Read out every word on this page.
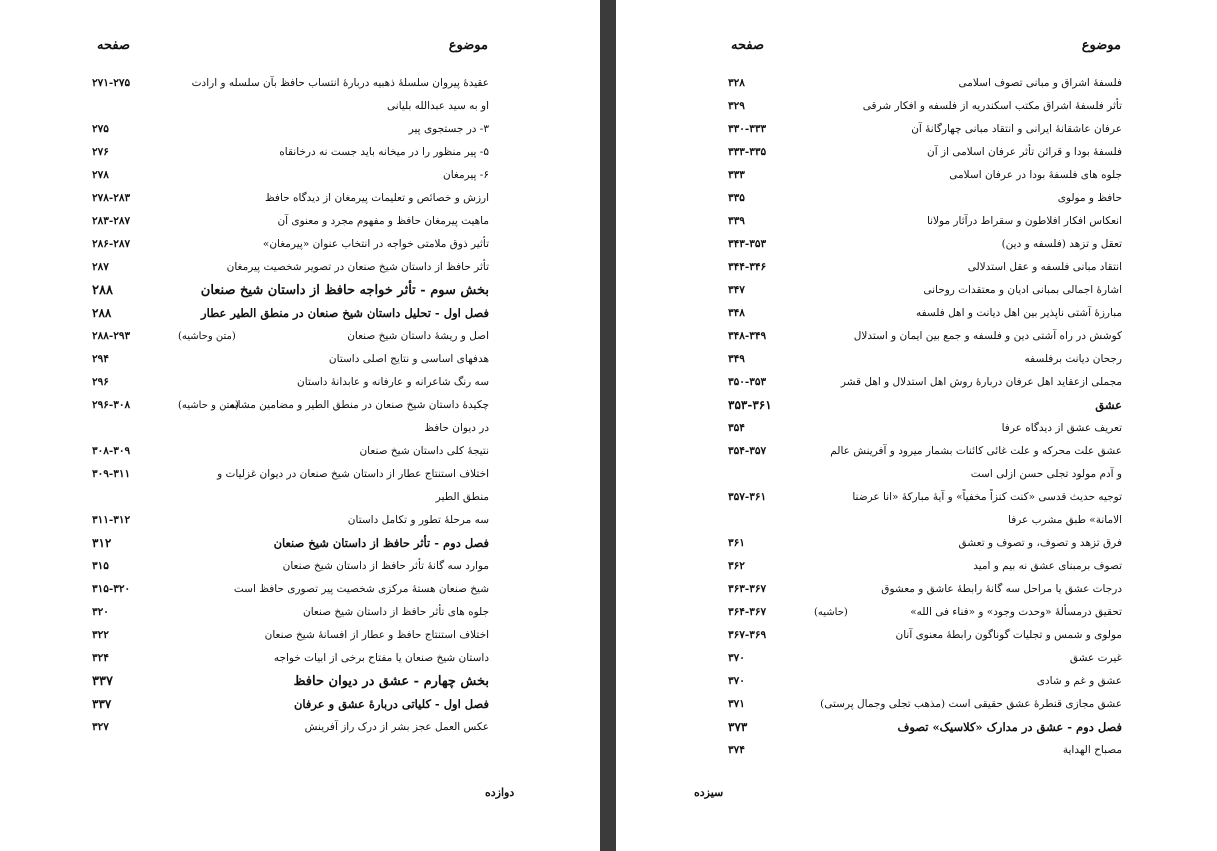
موضوع
صفحه
عقیدهٔ پیروان سلسلهٔ ذهبیه دربارهٔ انتساب حافظ بآن سلسله و ارادت او به سید عبدالله بلیانی
۲۷۱-۲۷۵
۳- در جستجوی پیر
۲۷۵
۵- پیر منظور را در میخانه باید جست نه درخانقاه
۲۷۶
۶- پیرمغان
۲۷۸
ارزش و خصائص و تعلیمات پیرمغان از دیدگاه حافظ
۲۷۸-۲۸۳
ماهیت پیرمغان حافظ و مفهوم مجرد و معنوی آن
۲۸۳-۲۸۷
تأثیر ذوق ملامتی خواجه در انتخاب عنوان «پیرمغان»
۲۸۶-۲۸۷
تأثر حافظ از داستان شیخ صنعان در تصویر شخصیت پیرمغان
۲۸۷
بخش سوم - تأثر خواجه حافظ از داستان شیخ صنعان
۲۸۸
فصل اول - تحلیل داستان شیخ صنعان در منطق الطیر عطار
۲۸۸
اصل و ریشهٔ داستان شیخ صنعان
۲۸۸-۲۹۳	(متن وحاشیه)
هدفهای اساسی و نتایج اصلی داستان
۲۹۴
سه رنگ شاعرانه و عارفانه و عابدانهٔ داستان
۲۹۶
چکیدهٔ داستان شیخ صنعان در منطق الطیر و مضامین مشابه در دیوان حافظ
۲۹۶-۳۰۸	(متن و حاشیه)
نتیجهٔ کلی داستان شیخ صنعان
۳۰۸-۳۰۹
اختلاف استنتاج عطار از داستان شیخ صنعان در دیوان غزلیات و منطق الطیر
۳۰۹-۳۱۱
سه مرحلهٔ تطور و تکامل داستان
۳۱۱-۳۱۲
فصل دوم - تأثر حافظ از داستان شیخ صنعان
۳۱۲
موارد سه گانهٔ تأثر حافظ از داستان شیخ صنعان
۳۱۵
شیخ صنعان هستهٔ مرکزی شخصیت پیر تصوری حافظ است
۳۱۵-۳۲۰
جلوه های تأثر حافظ از داستان شیخ صنعان
۳۲۰
اختلاف استنتاج حافظ و عطار از افسانهٔ شیخ صنعان
۳۲۲
داستان شیخ صنعان یا مفتاح برخی از ابیات خواجه
۳۲۴
بخش چهارم - عشق در دیوان حافظ
۳۳۷
فصل اول - کلیاتی دربارهٔ عشق و عرفان
۳۳۷
عکس العمل عجز بشر از درک راز آفرینش
۳۲۷
دوازده
موضوع
صفحه
فلسفهٔ اشراق و مبانی تصوف اسلامی
۳۲۸
تأثر فلسفهٔ اشراق مکتب اسکندریه از فلسفه و افکار شرقی
۳۲۹
عرفان عاشقانهٔ ایرانی و انتقاد مبانی چهارگانهٔ آن
۳۳۰-۳۳۳
فلسفهٔ بودا و قرائن تأثر عرفان اسلامی از آن
۳۳۳-۳۳۵
جلوه های فلسفهٔ بودا در عرفان اسلامی
۳۳۳
حافظ و مولوی
۳۳۵
انعکاس افکار افلاطون و سقراط درآثار مولانا
۳۳۹
تعقل و تزهد (فلسفه و دین)
۳۴۳-۳۵۳
انتقاد مبانی فلسفه و عقل استدلالی
۳۴۴-۳۴۶
اشارهٔ اجمالی بمبانی ادیان و معتقدات روحانی
۳۴۷
مبارزهٔ آشتی ناپذیر بین اهل دیانت و اهل فلسفه
۳۴۸
کوشش در راه آشتی دین و فلسفه و جمع بین ایمان و استدلال
۳۴۸-۳۴۹
رجحان دیانت برفلسفه
۳۴۹
مجملی ازعقاید اهل عرفان دربارهٔ روش اهل استدلال و اهل قشر
۳۵۰-۳۵۳
عشق
۳۵۳-۳۶۱
تعریف عشق از دیدگاه عرفا
۳۵۴
عشق علت محرکه و علت غائی کائنات بشمار میرود و آفرینش عالم و آدم مولود تجلی حسن ازلی است
۳۵۴-۳۵۷
توجیه حدیث قدسی «کنت کنزاً مخفیاً» و آیهٔ مبارکهٔ «انا عرضنا الامانة» طبق مشرب عرفا
۳۵۷-۳۶۱
فرق تزهد و تصوف، و تصوف و تعشق
۳۶۱
تصوف برمبنای عشق نه بیم و امید
۳۶۲
درجات عشق یا مراحل سه گانهٔ رابطهٔ عاشق و معشوق
۳۶۳-۳۶۷
تحقیق درمسألهٔ «وحدت وجود» و «فناء فی الله»
۳۶۴-۳۶۷	(حاشیه)
مولوی و شمس و تجلیات گوناگون رابطهٔ معنوی آنان
۳۶۷-۳۶۹
غیرت عشق
۳۷۰
عشق و غم و شادی
۳۷۰
عشق مجازی قنطرهٔ عشق حقیقی است (مذهب تجلی وجمال پرستی)
۳۷۱
فصل دوم - عشق در مدارک «کلاسیک» تصوف
۳۷۳
مصباح الهدایة
۳۷۴
سیزده
